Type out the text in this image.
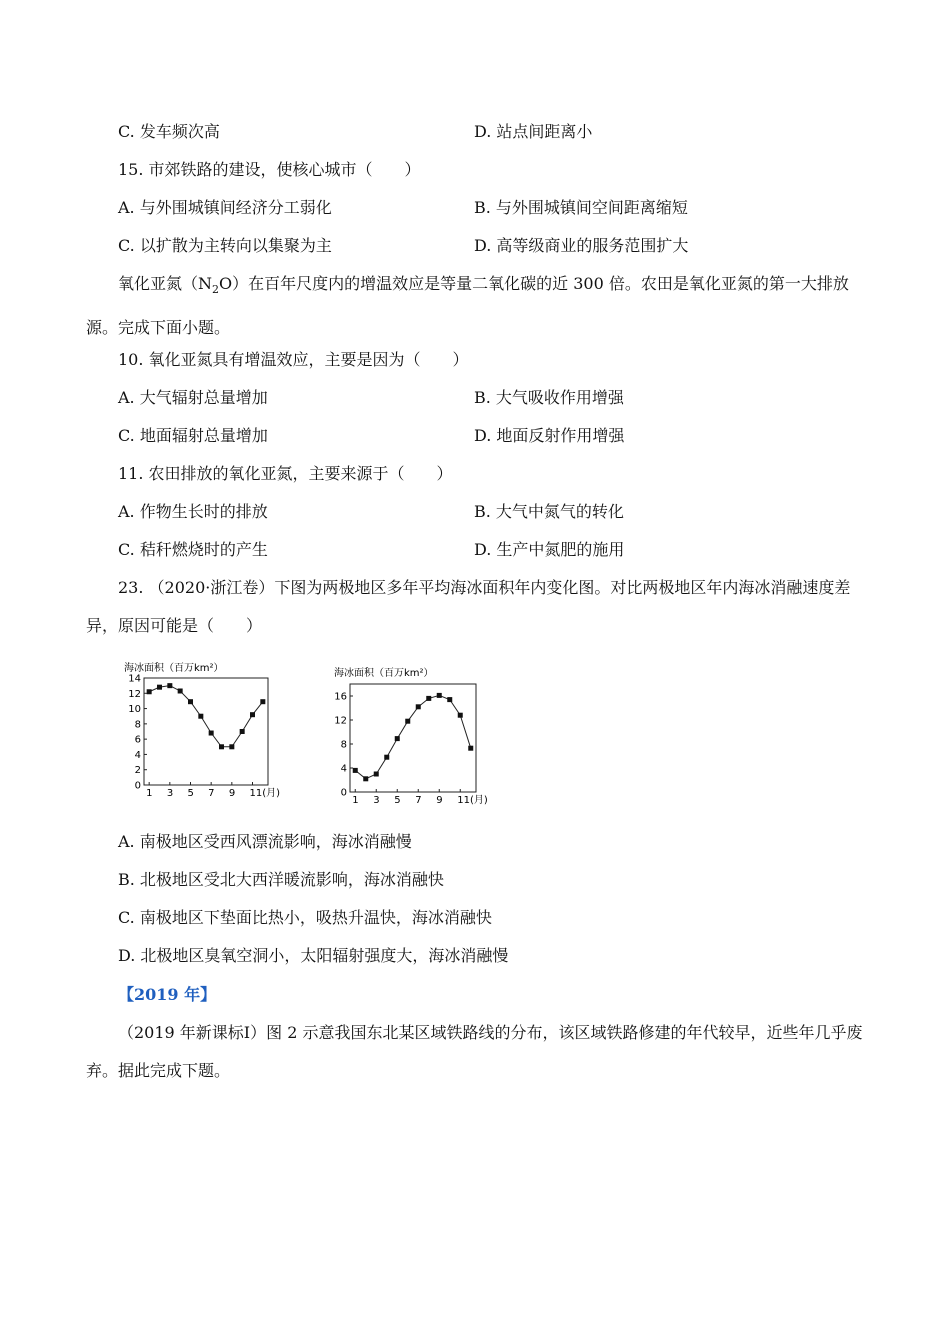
C. 发车频次高	D. 站点间距离小
15. 市郊铁路的建设，使核心城市（　　）
A. 与外围城镇间经济分工弱化	B. 与外围城镇间空间距离缩短
C. 以扩散为主转向以集聚为主	D. 高等级商业的服务范围扩大
氧化亚氮$(N_2O)$在百年尺度内的增温效应是等量二氧化碳的近 300 倍。农田是氧化亚氮的第一大排放源。完成下面小题。
10. 氧化亚氮具有增温效应，主要是因为（　　）
A. 大气辐射总量增加	B. 大气吸收作用增强
C. 地面辐射总量增加	D. 地面反射作用增强
11. 农田排放的氧化亚氮，主要来源于（　　）
A. 作物生长时的排放	B. 大气中氮气的转化
C. 秸秆燃烧时的产生	D. 生产中氮肥的施用
23. （2020·浙江卷）下图为两极地区多年平均海冰面积年内变化图。对比两极地区年内海冰消融速度差异，原因可能是（　　）
海冰面积（百万km²）
0
2
4
6
8
10
12
14
1 3 5 7 9 11(月)
海冰面积（百万km²）
0
4
8
12
16
1 3 5 7 9 11(月)
A. 南极地区受西风漂流影响，海冰消融慢
B. 北极地区受北大西洋暖流影响，海冰消融快
C. 南极地区下垫面比热小，吸热升温快，海冰消融快
D. 北极地区臭氧空洞小，太阳辐射强度大，海冰消融慢
【2019 年】
（2019 年新课标I）图 2 示意我国东北某区域铁路线的分布，该区域铁路修建的年代较早，近些年几乎废弃。据此完成下题。
